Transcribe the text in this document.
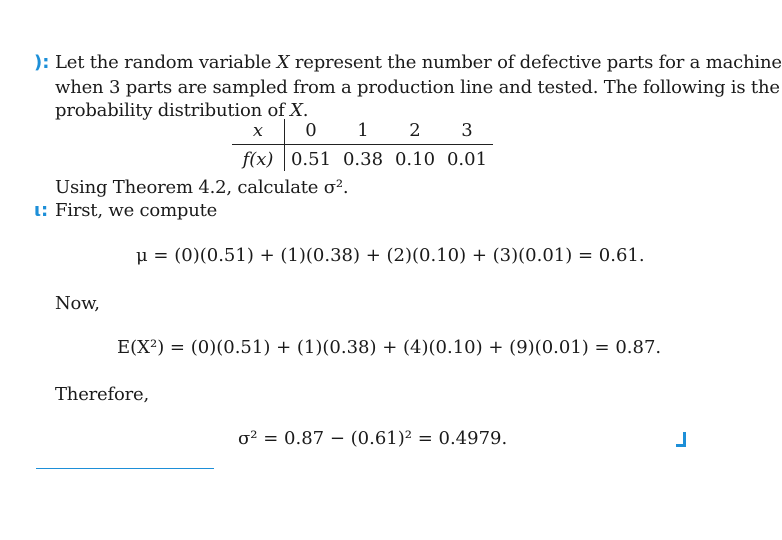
): Let the random variable X represent the number of defective parts for a machine
when 3 parts are sampled from a production line and tested. The following is the
probability distribution of X.
x	0	1	2	3
f(x)	0.51	0.38	0.10	0.01
Using Theorem 4.2, calculate σ².
ι: First, we compute
μ = (0)(0.51) + (1)(0.38) + (2)(0.10) + (3)(0.01) = 0.61.
Now,
E(X²) = (0)(0.51) + (1)(0.38) + (4)(0.10) + (9)(0.01) = 0.87.
Therefore,
σ² = 0.87 − (0.61)² = 0.4979.
